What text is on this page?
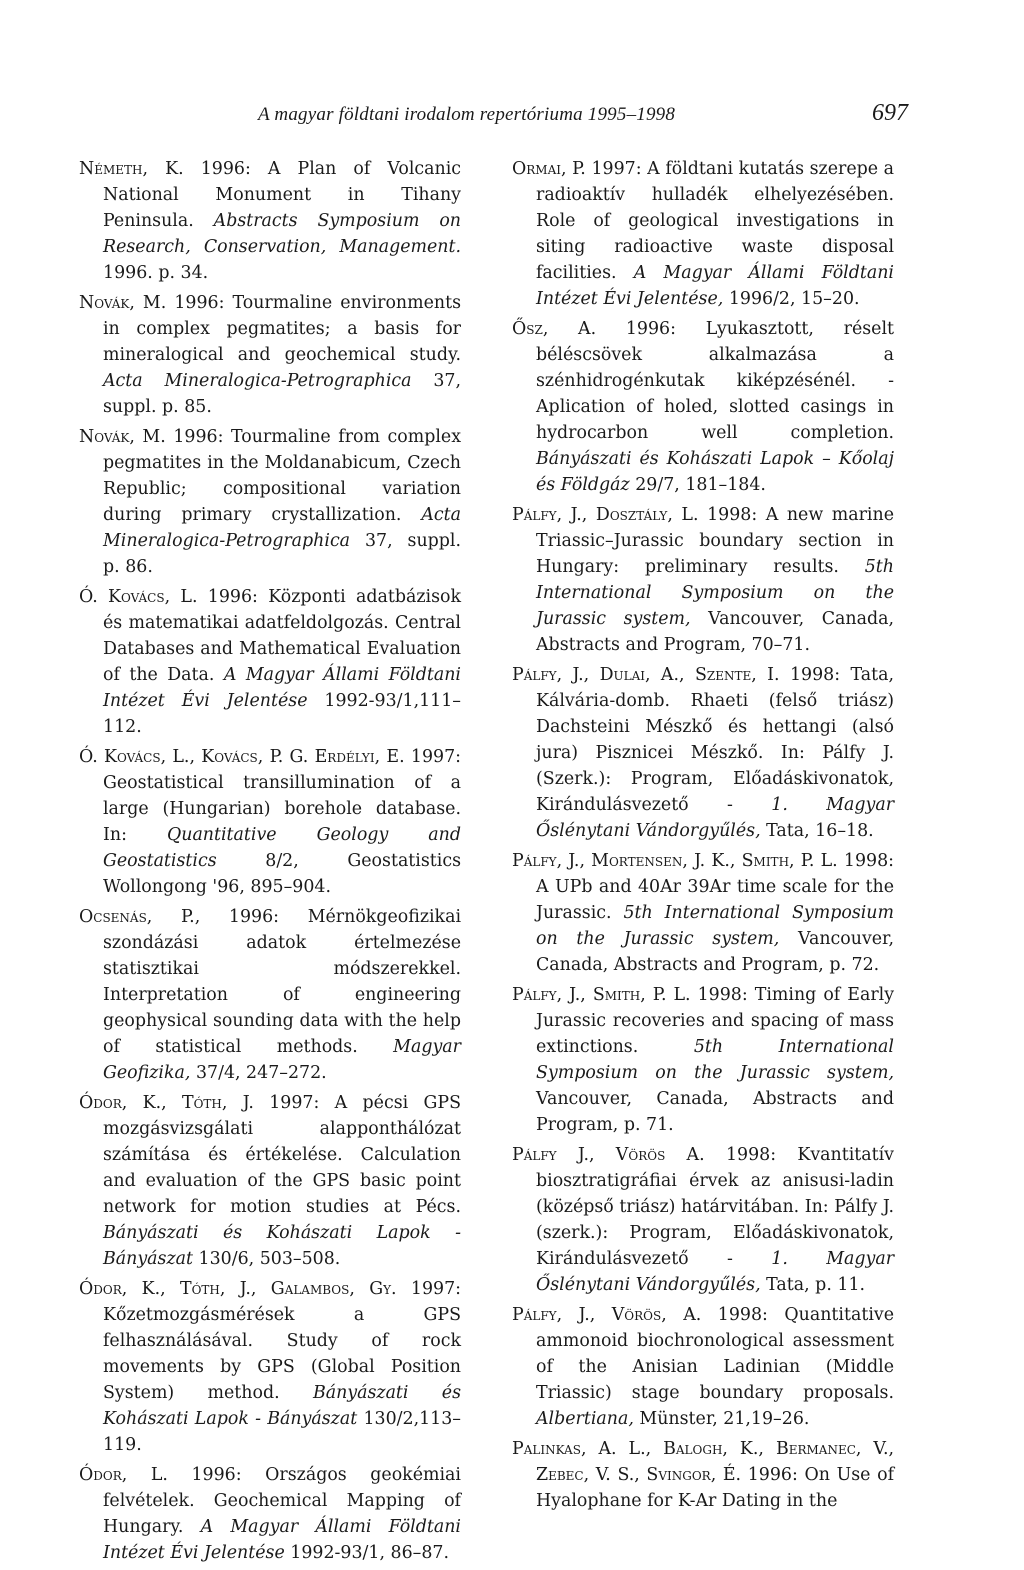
A magyar földtani irodalom repertóriuma 1995–1998	697

Németh, K. 1996: A Plan of Volcanic National Monument in Tihany Peninsula. Abstracts Symposium on Research, Conservation, Management. 1996. p. 34.

Novák, M. 1996: Tourmaline environments in complex pegmatites; a basis for mineralogical and geochemical study. Acta Mineralogica-Petrographica 37, suppl. p. 85.

Novák, M. 1996: Tourmaline from complex pegmatites in the Moldanabicum, Czech Republic; compositional variation during primary crystallization. Acta Mineralogica-Petrographica 37, suppl. p. 86.

Ó. Kovács, L. 1996: Központi adatbázisok és matematikai adatfeldolgozás. Central Databases and Mathematical Evaluation of the Data. A Magyar Állami Földtani Intézet Évi Jelentése 1992-93/1,111–112.

Ó. Kovács, L., Kovács, P. G. Erdélyi, E. 1997: Geostatistical transillumination of a large (Hungarian) borehole database. In: Quantitative Geology and Geostatistics	8/2, Geostatistics Wollongong '96, 895–904.

Ocsenás, P., 1996: Mérnökgeofizikai szondázási adatok értelmezése statisztikai módszerekkel. Interpretation of engineering geophysical sounding data with the help of statistical methods. Magyar Geofizika, 37/4, 247–272.

Ódor, K., Tóth, J. 1997: A pécsi GPS mozgásvizsgálati alapponthálózat számítása és értékelése. Calculation and evaluation of the GPS basic point network for motion studies at Pécs. Bányászati és Kohászati Lapok - Bányászat 130/6, 503–508.

Ódor, K., Tóth, J., Galambos, Gy. 1997: Kőzetmozgásmérések a GPS felhasználásával. Study of rock movements by GPS (Global Position System) method. Bányászati és Kohászati Lapok - Bányászat 130/2,113–119.

Ódor, L. 1996: Országos geokémiai felvételek. Geochemical Mapping of Hungary. A Magyar Állami Földtani Intézet Évi Jelentése 1992-93/1, 86–87.

Ormai, P. 1997: A földtani kutatás szerepe a radioaktív hulladék elhelyezésében. Role of geological investigations in siting radioactive waste disposal facilities. A Magyar Állami Földtani Intézet Évi Jelentése, 1996/2, 15–20.

Ősz, A. 1996: Lyukasztott, réselt béléscsövek alkalmazása a szénhidrogénkutak kiképzésénél. - Aplication of holed, slotted casings in hydrocarbon well completion. Bányászati és Kohászati Lapok – Kőolaj és Földgáz 29/7, 181–184.

Pálfy, J., Dosztály, L. 1998: A new marine Triassic–Jurassic boundary section in Hungary: preliminary results. 5th International Symposium on the Jurassic system, Vancouver, Canada, Abstracts and Program, 70–71.

Pálfy, J., Dulai, A., Szente, I. 1998: Tata, Kálvária-domb. Rhaeti (felső triász) Dachsteini Mészkő és hettangi (alsó jura) Pisznicei Mészkő. In: Pálfy J. (Szerk.): Program, Előadáskivonatok, Kirándulásvezető - 1. Magyar Őslénytani Vándorgyűlés, Tata, 16–18.

Pálfy, J., Mortensen, J. K., Smith, P. L. 1998: A UPb and 40Ar 39Ar time scale for the Jurassic. 5th International Symposium on the Jurassic system, Vancouver, Canada, Abstracts and Program, p. 72.

Pálfy, J., Smith, P. L. 1998: Timing of Early Jurassic recoveries and spacing of mass extinctions.	5th International Symposium on the Jurassic system, Vancouver, Canada, Abstracts and Program, p. 71.

Pálfy J., Vörös A. 1998: Kvantitatív biosztratigráfiai érvek az anisusi-ladin (középső triász) határvitában. In: Pálfy J. (szerk.): Program, Előadáskivonatok, Kirándulásvezető - 1. Magyar Őslénytani Vándorgyűlés, Tata, p. 11.

Pálfy, J., Vörös, A. 1998: Quantitative ammonoid biochronological assessment of the Anisian Ladinian (Middle Triassic) stage boundary proposals. Albertiana, Münster, 21,19–26.

Palinkas, A. L., Balogh, K., Bermanec, V., Zebec, V. S., Svingor, É. 1996: On Use of Hyalophane for K-Ar Dating in the
